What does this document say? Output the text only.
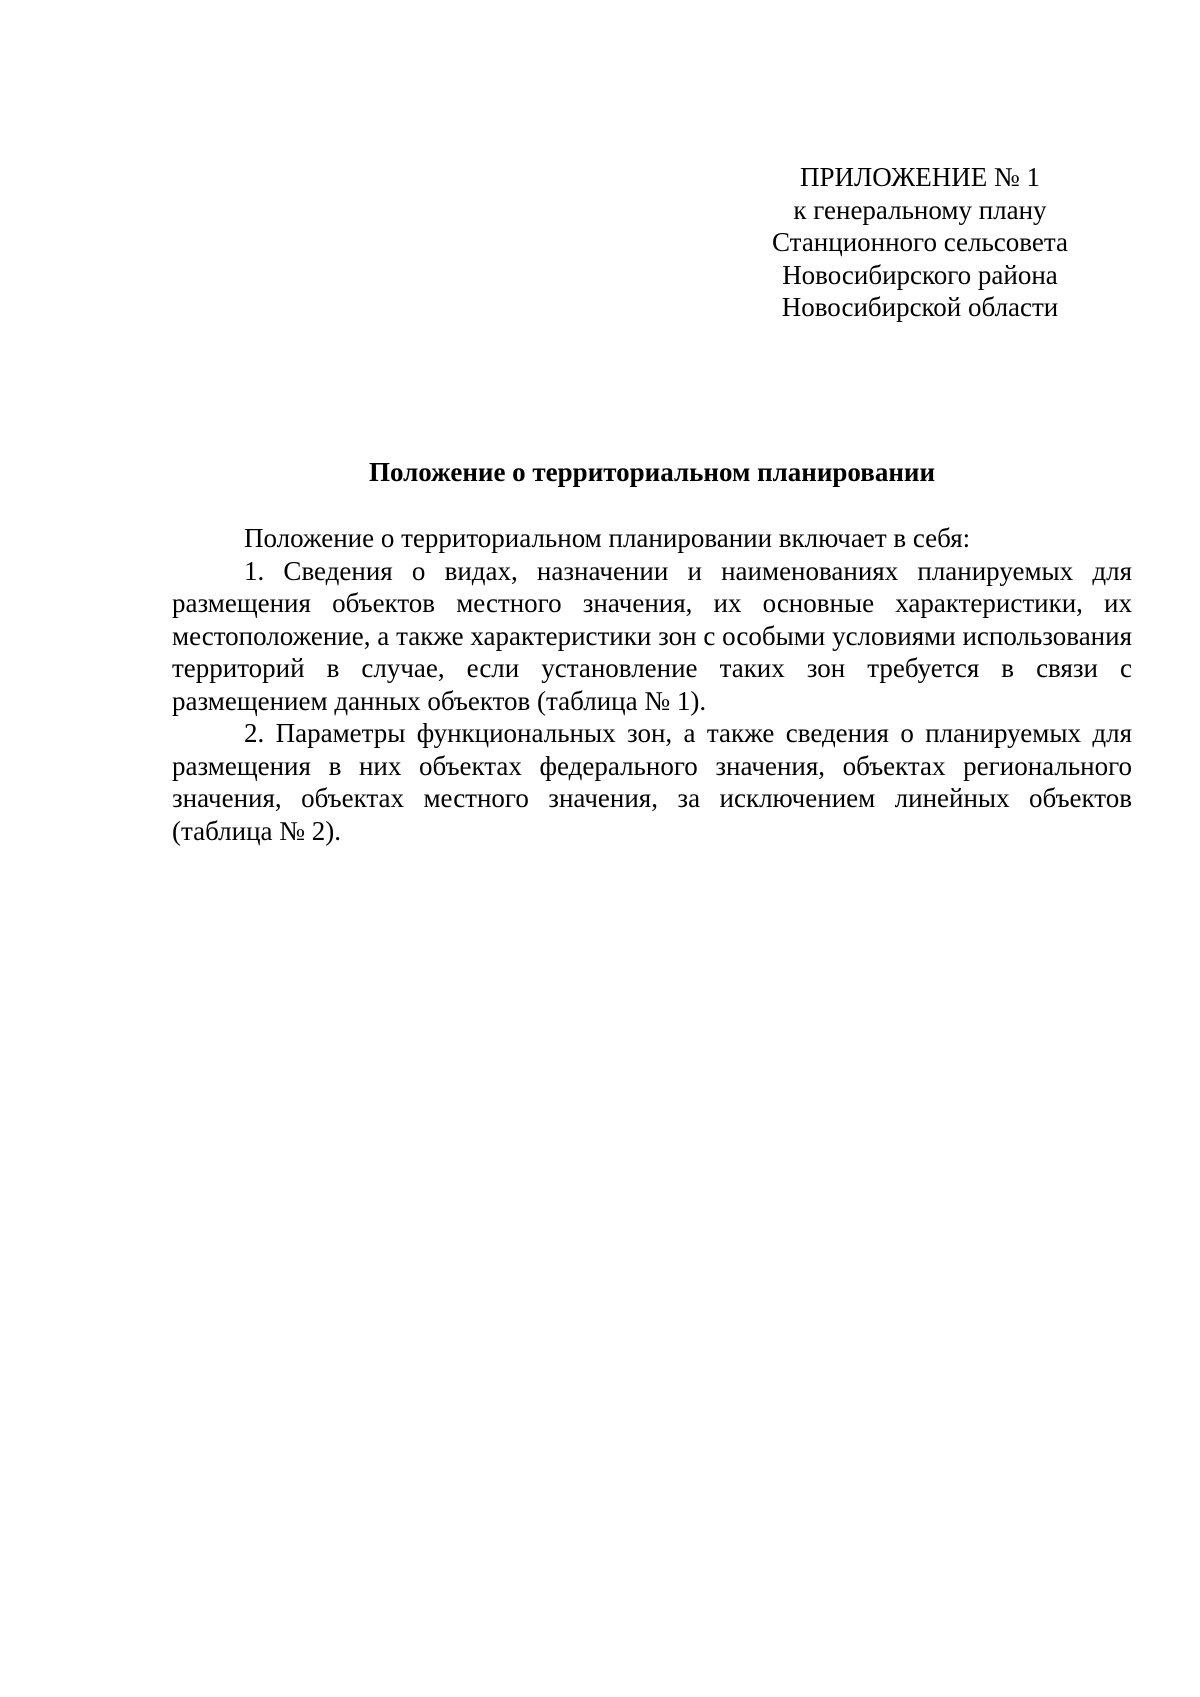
ПРИЛОЖЕНИЕ № 1
к генеральному плану
Станционного сельсовета
Новосибирского района
Новосибирской области
Положение о территориальном планировании

Положение о территориальном планировании включает в себя:

1. Сведения о видах, назначении и наименованиях планируемых для размещения объектов местного значения, их основные характеристики, их местоположение, а также характеристики зон с особыми условиями использования территорий в случае, если установление таких зон требуется в связи с размещением данных объектов (таблица № 1).

2. Параметры функциональных зон, а также сведения о планируемых для размещения в них объектах федерального значения, объектах регионального значения, объектах местного значения, за исключением линейных объектов (таблица № 2).
